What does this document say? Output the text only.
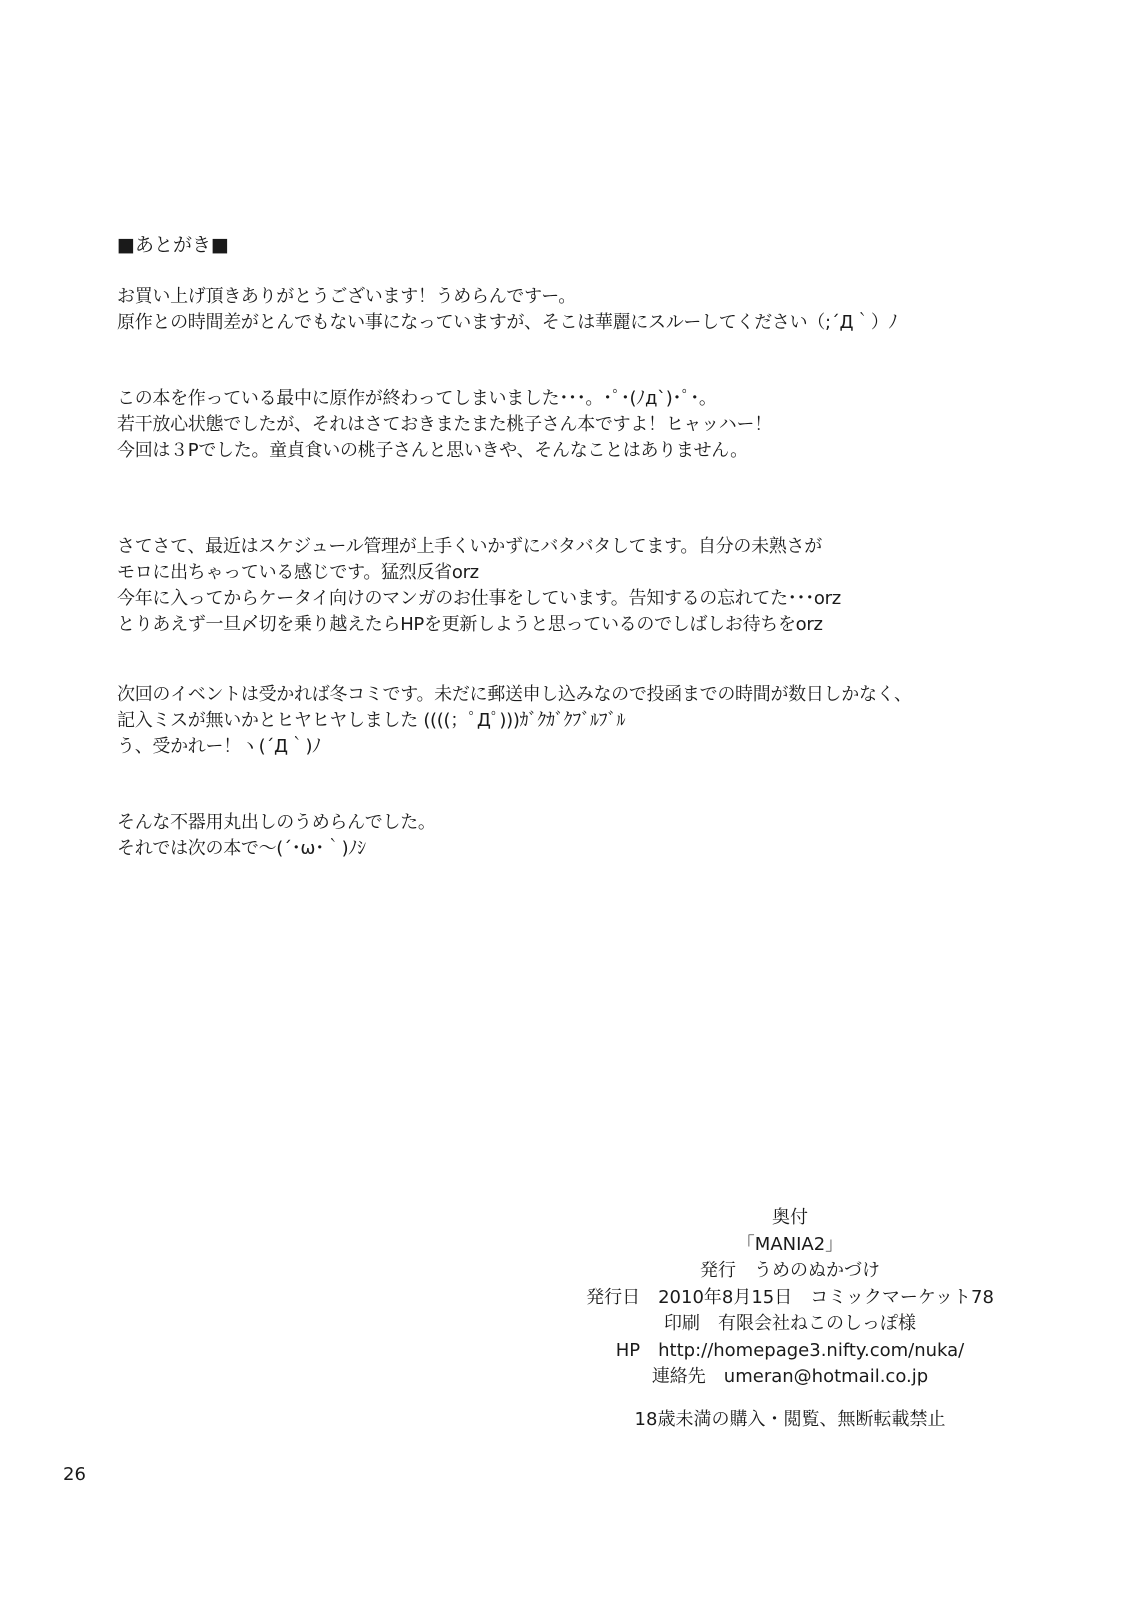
■あとがき■
お買い上げ頂きありがとうございます！うめらんですー。
原作との時間差がとんでもない事になっていますが、そこは華麗にスルーしてください（;´Д｀）ﾉ
この本を作っている最中に原作が終わってしまいました･･･。･ﾟ･(ﾉд`)･ﾟ･。
若干放心状態でしたが、それはさておきまたまた桃子さん本ですよ！ヒャッハー！
今回は３Pでした。童貞食いの桃子さんと思いきや、そんなことはありません。
さてさて、最近はスケジュール管理が上手くいかずにバタバタしてます。自分の未熟さが
モロに出ちゃっている感じです。猛烈反省orz
今年に入ってからケータイ向けのマンガのお仕事をしています。告知するの忘れてた･･･orz
とりあえず一旦〆切を乗り越えたらHPを更新しようと思っているのでしばしお待ちをorz
次回のイベントは受かれば冬コミです。未だに郵送申し込みなので投函までの時間が数日しかなく、
記入ミスが無いかとヒヤヒヤしました ((((；ﾟДﾟ)))ｶﾞｸｶﾞｸﾌﾞﾙﾌﾞﾙ
う、受かれー！ヽ(´Д｀)ﾉ
そんな不器用丸出しのうめらんでした。
それでは次の本で～(´･ω･｀)ﾉｼ
奥付
「MANIA2」
発行　うめのぬかづけ
発行日　2010年8月15日　コミックマーケット78
印刷　有限会社ねこのしっぽ様
HP　http://homepage3.nifty.com/nuka/
連絡先　umeran@hotmail.co.jp
18歳未満の購入・閲覧、無断転載禁止
26
